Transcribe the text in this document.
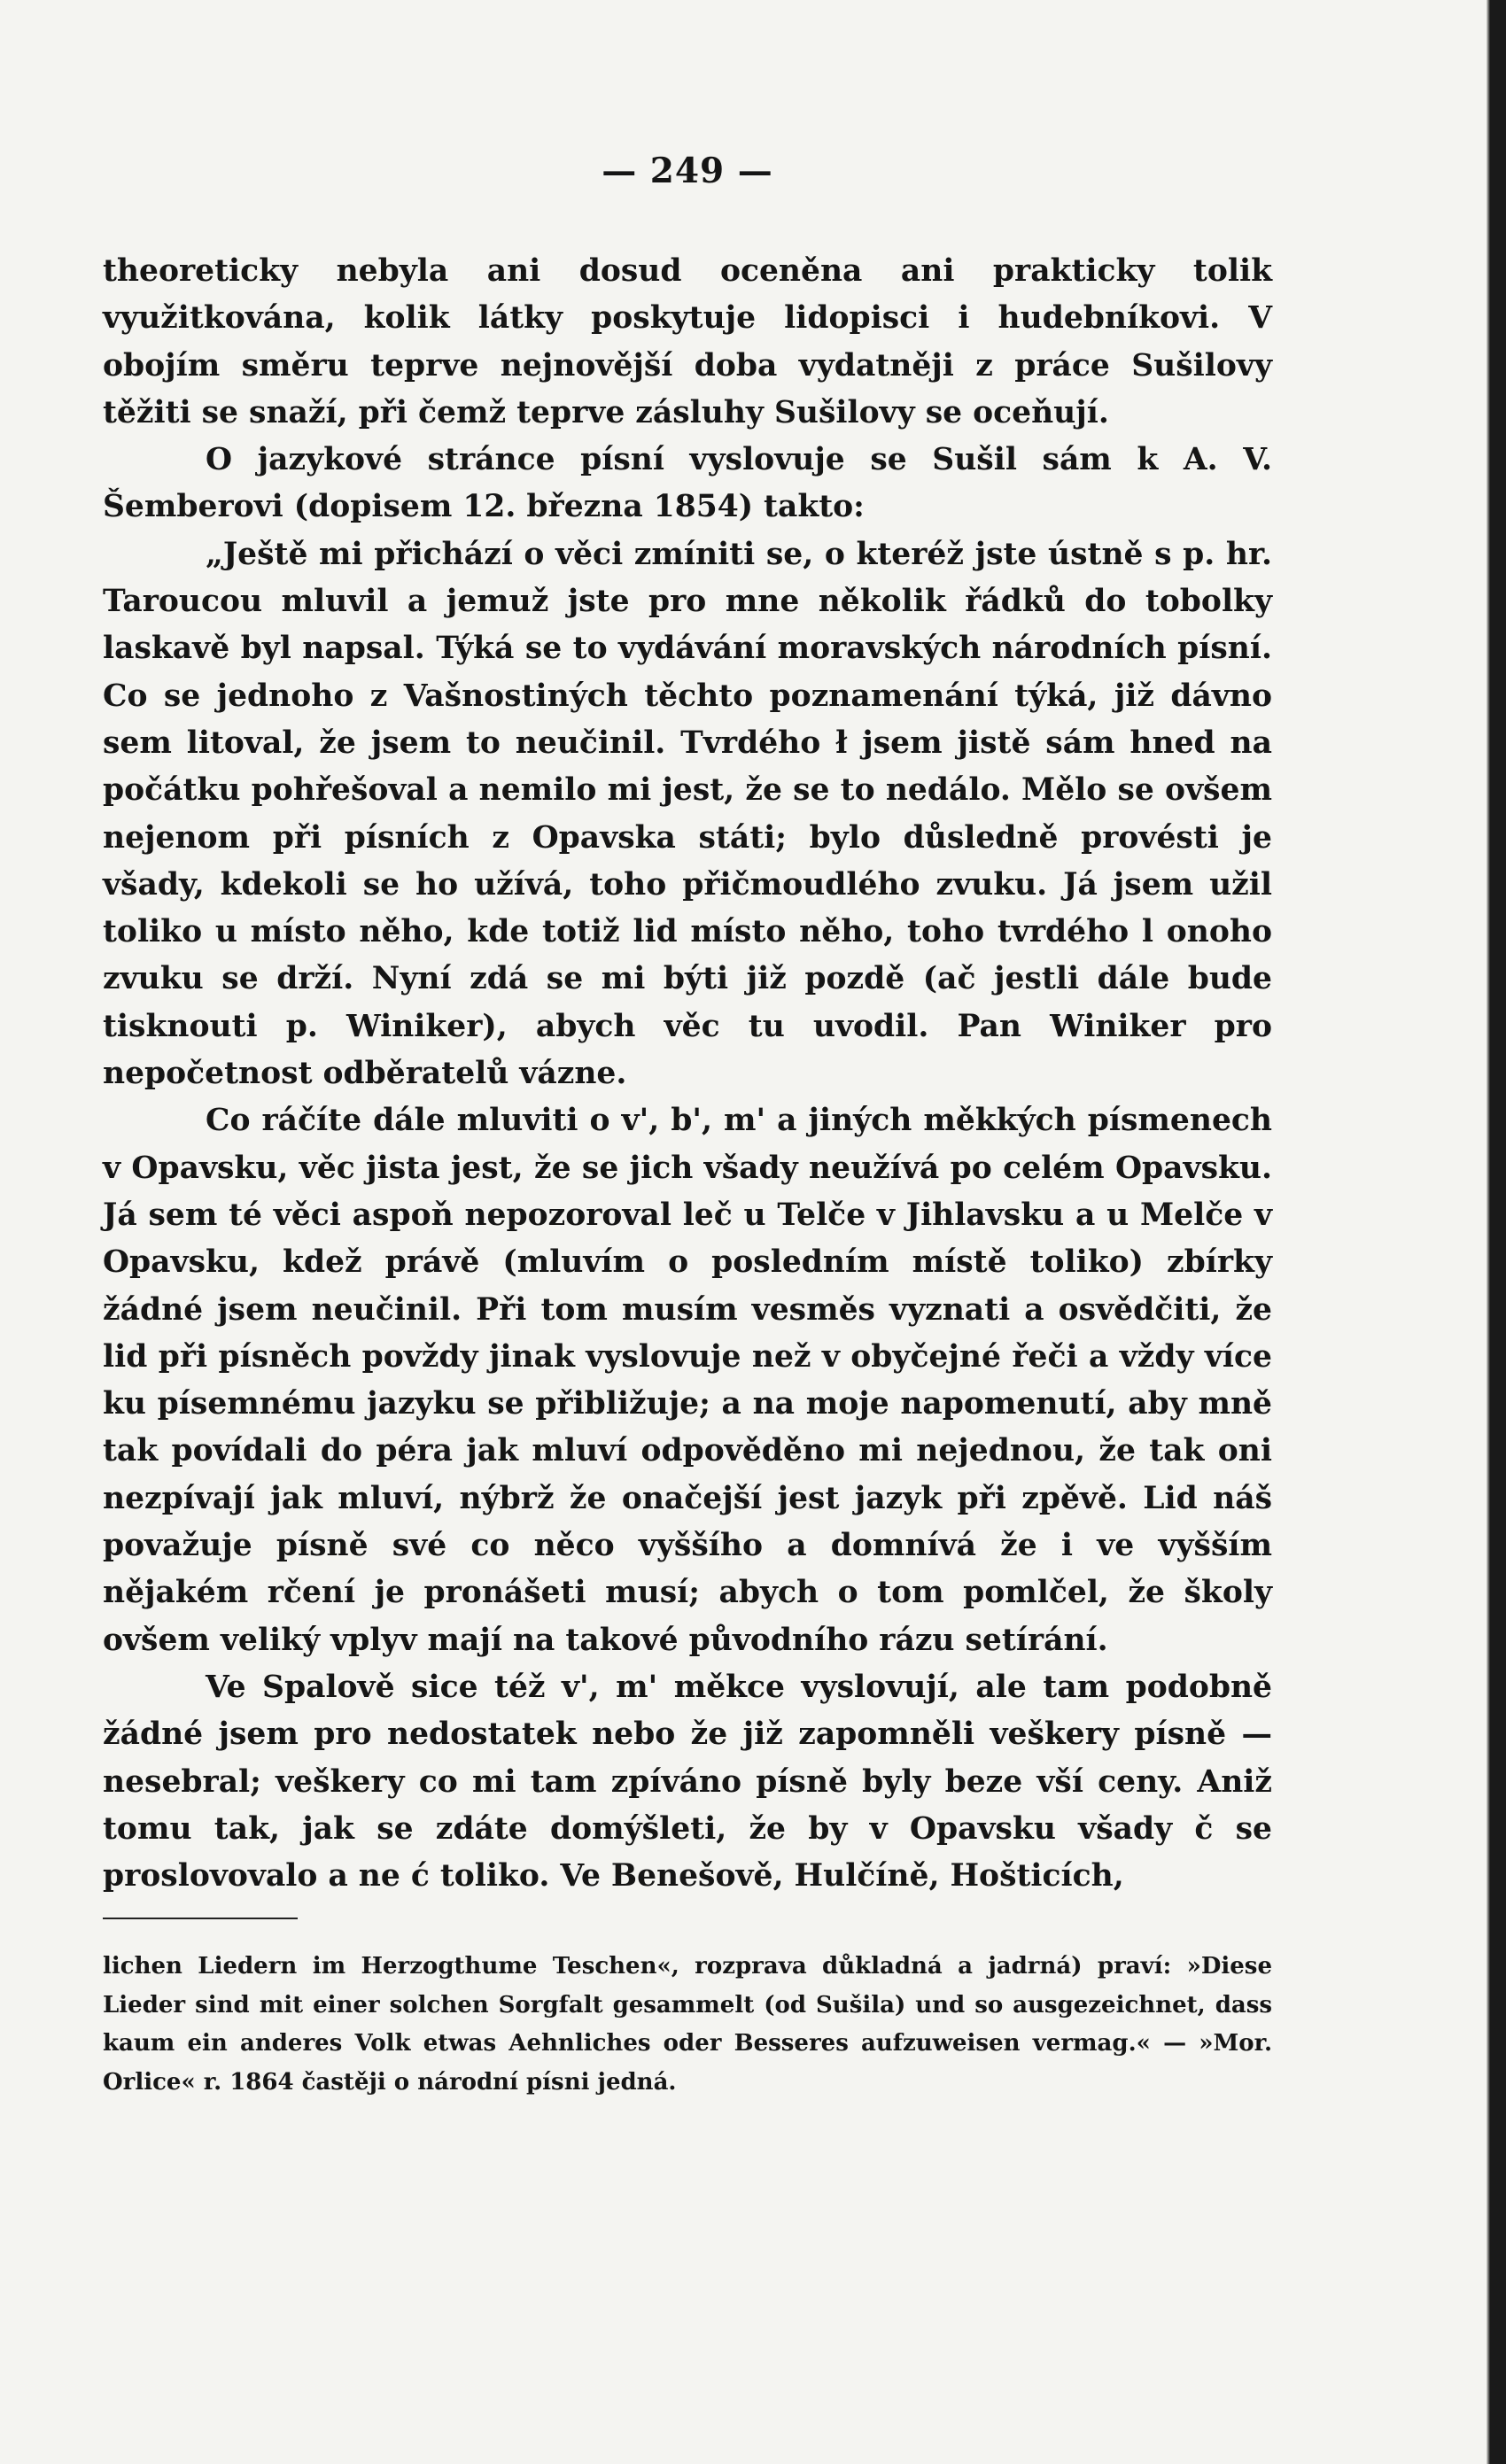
— 249 —

theoreticky nebyla ani dosud oceněna ani prakticky tolik využitkována, kolik látky poskytuje lidopisci i hudebníkovi. V obojím směru teprve nejnovější doba vydatněji z práce Sušilovy těžiti se snaží, při čemž teprve zásluhy Sušilovy se oceňují.

O jazykové stránce písní vyslovuje se Sušil sám k A. V. Šemberovi (dopisem 12. března 1854) takto:

„Ještě mi přichází o věci zmíniti se, o kteréž jste ústně s p. hr. Taroucou mluvil a jemuž jste pro mne několik řádků do tobolky laskavě byl napsal. Týká se to vydávání moravských národních písní. Co se jednoho z Vašnostiných těchto poznamenání týká, již dávno sem litoval, že jsem to neučinil. Tvrdého ł jsem jistě sám hned na počátku pohřešoval a nemilo mi jest, že se to nedálo. Mělo se ovšem nejenom při písních z Opavska státi; bylo důsledně provésti je všady, kdekoli se ho užívá, toho přičmoudlého zvuku. Já jsem užil toliko u místo něho, kde totiž lid místo něho, toho tvrdého l onoho zvuku se drží. Nyní zdá se mi býti již pozdě (ač jestli dále bude tisknouti p. Winiker), abych věc tu uvodil. Pan Winiker pro nepočetnost odběratelů vázne.

Co ráčíte dále mluviti o v', b', m' a jiných měkkých písmenech v Opavsku, věc jista jest, že se jich všady neužívá po celém Opavsku. Já sem té věci aspoň nepozoroval leč u Telče v Jihlavsku a u Melče v Opavsku, kdež právě (mluvím o posledním místě toliko) zbírky žádné jsem neučinil. Při tom musím vesměs vyznati a osvědčiti, že lid při písněch povždy jinak vyslovuje než v obyčejné řeči a vždy více ku písemnému jazyku se přibližuje; a na moje napomenutí, aby mně tak povídali do péra jak mluví odpověděno mi nejednou, že tak oni nezpívají jak mluví, nýbrž že onačejší jest jazyk při zpěvě. Lid náš považuje písně své co něco vyššího a domnívá že i ve vyšším nějakém rčení je pronášeti musí; abych o tom pomlčel, že školy ovšem veliký vplyv mají na takové původního rázu setírání.

Ve Spalově sice též v', m' měkce vyslovují, ale tam podobně žádné jsem pro nedostatek nebo že již zapomněli veškery písně — nesebral; veškery co mi tam zpíváno písně byly beze vší ceny. Aniž tomu tak, jak se zdáte domýšleti, že by v Opavsku všady č se proslovovalo a ne ć toliko. Ve Benešově, Hulčíně, Hošticích,

lichen Liedern im Herzogthume Teschen«, rozprava důkladná a jadrná) praví: »Diese Lieder sind mit einer solchen Sorgfalt gesammelt (od Sušila) und so ausgezeichnet, dass kaum ein anderes Volk etwas Aehnliches oder Besseres aufzuweisen vermag.« — »Mor. Orlice« r. 1864 častěji o národní písni jedná.
